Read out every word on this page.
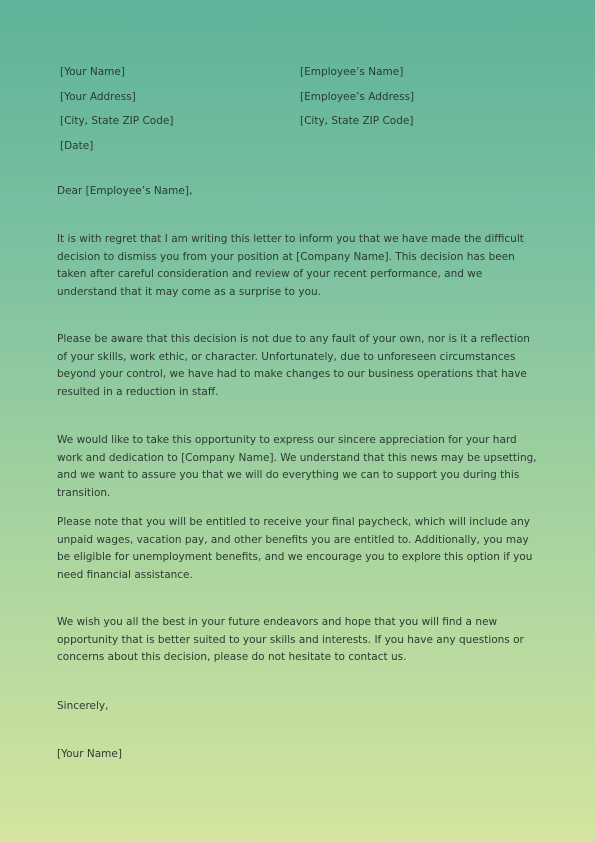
[Your Name]
[Your Address]
[City, State ZIP Code]
[Date]
[Employee’s Name]
[Employee’s Address]
[City, State ZIP Code]
Dear [Employee’s Name],
It is with regret that I am writing this letter to inform you that we have made the difficult decision to dismiss you from your position at [Company Name]. This decision has been taken after careful consideration and review of your recent performance, and we understand that it may come as a surprise to you.
Please be aware that this decision is not due to any fault of your own, nor is it a reflection of your skills, work ethic, or character. Unfortunately, due to unforeseen circumstances beyond your control, we have had to make changes to our business operations that have resulted in a reduction in staff.
We would like to take this opportunity to express our sincere appreciation for your hard work and dedication to [Company Name]. We understand that this news may be upsetting, and we want to assure you that we will do everything we can to support you during this transition.
Please note that you will be entitled to receive your final paycheck, which will include any unpaid wages, vacation pay, and other benefits you are entitled to. Additionally, you may be eligible for unemployment benefits, and we encourage you to explore this option if you need financial assistance.
We wish you all the best in your future endeavors and hope that you will find a new opportunity that is better suited to your skills and interests. If you have any questions or concerns about this decision, please do not hesitate to contact us.
Sincerely,
[Your Name]
